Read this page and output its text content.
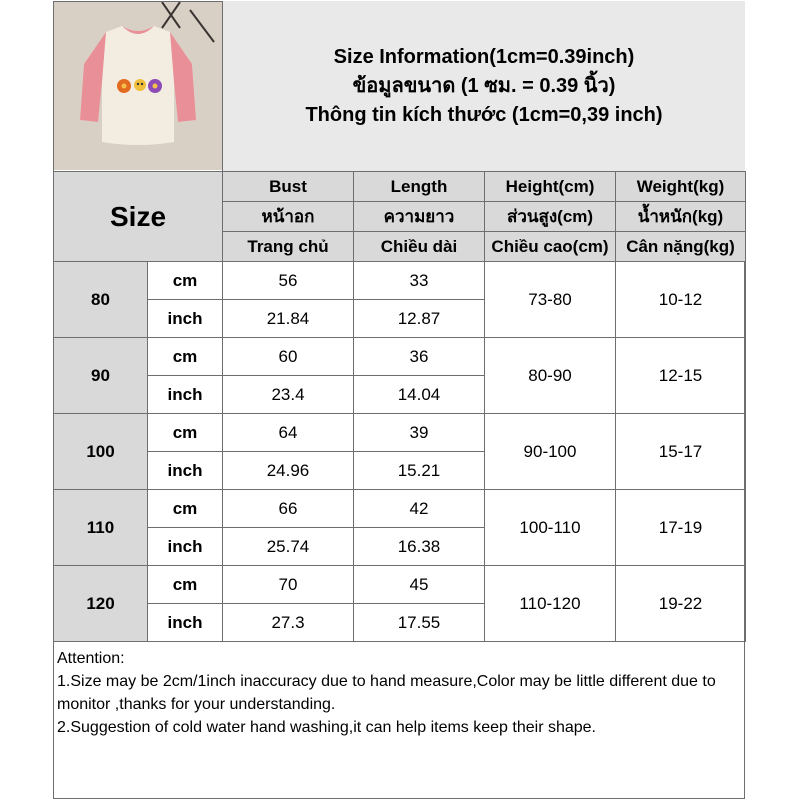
Size Information(1cm=0.39inch)
ข้อมูลขนาด (1 ซม. = 0.39 นิ้ว)
Thông tin kích thước (1cm=0,39 inch)
Size		Bust	Length	Height(cm)	Weight(kg)
		หน้าอก	ความยาว	ส่วนสูง(cm)	น้ำหนัก(kg)
		Trang chủ	Chiều dài	Chiều cao(cm)	Cân nặng(kg)
80	cm	56	33	73-80	10-12
	inch	21.84	12.87		
90	cm	60	36	80-90	12-15
	inch	23.4	14.04		
100	cm	64	39	90-100	15-17
	inch	24.96	15.21		
110	cm	66	42	100-110	17-19
	inch	25.74	16.38		
120	cm	70	45	110-120	19-22
	inch	27.3	17.55		
Attention:
1.Size may be 2cm/1inch inaccuracy due to hand measure,Color may be little different due to monitor ,thanks for your understanding.
2.Suggestion of cold water hand washing,it can help items keep their shape.
